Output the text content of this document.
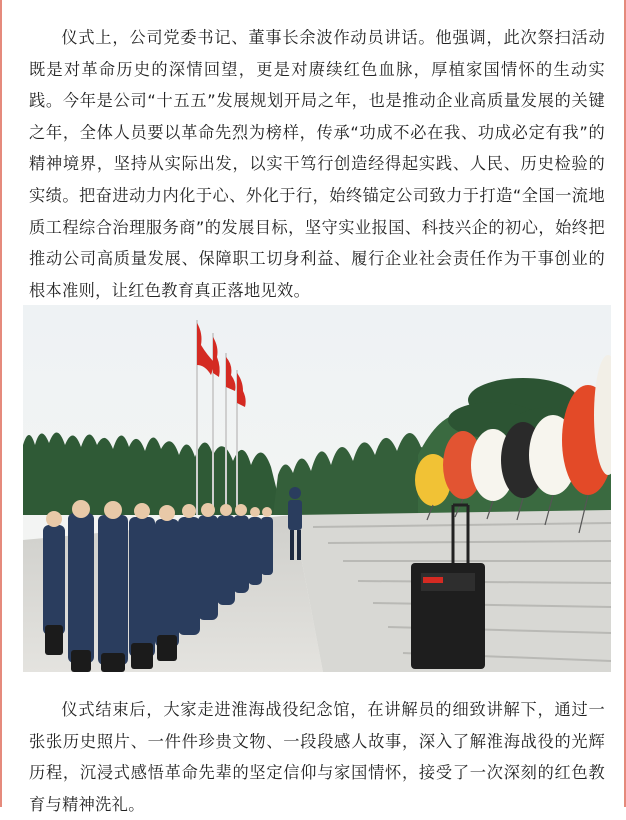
仪式上，公司党委书记、董事长余波作动员讲话。他强调，此次祭扫活动既是对革命历史的深情回望，更是对赓续红色血脉，厚植家国情怀的生动实践。今年是公司“十五五”发展规划开局之年，也是推动企业高质量发展的关键之年，全体人员要以革命先烈为榜样，传承“功成不必在我、功成必定有我”的精神境界，坚持从实际出发，以实干笃行创造经得起实践、人民、历史检验的实绩。把奋进动力内化于心、外化于行，始终锚定公司致力于打造“全国一流地质工程综合治理服务商”的发展目标，坚守实业报国、科技兴企的初心，始终把推动公司高质量发展、保障职工切身利益、履行企业社会责任作为干事创业的根本准则，让红色教育真正落地见效。

仪式结束后，大家走进淮海战役纪念馆，在讲解员的细致讲解下，通过一张张历史照片、一件件珍贵文物、一段段感人故事，深入了解淮海战役的光辉历程，沉浸式感悟革命先辈的坚定信仰与家国情怀，接受了一次深刻的红色教育与精神洗礼。
